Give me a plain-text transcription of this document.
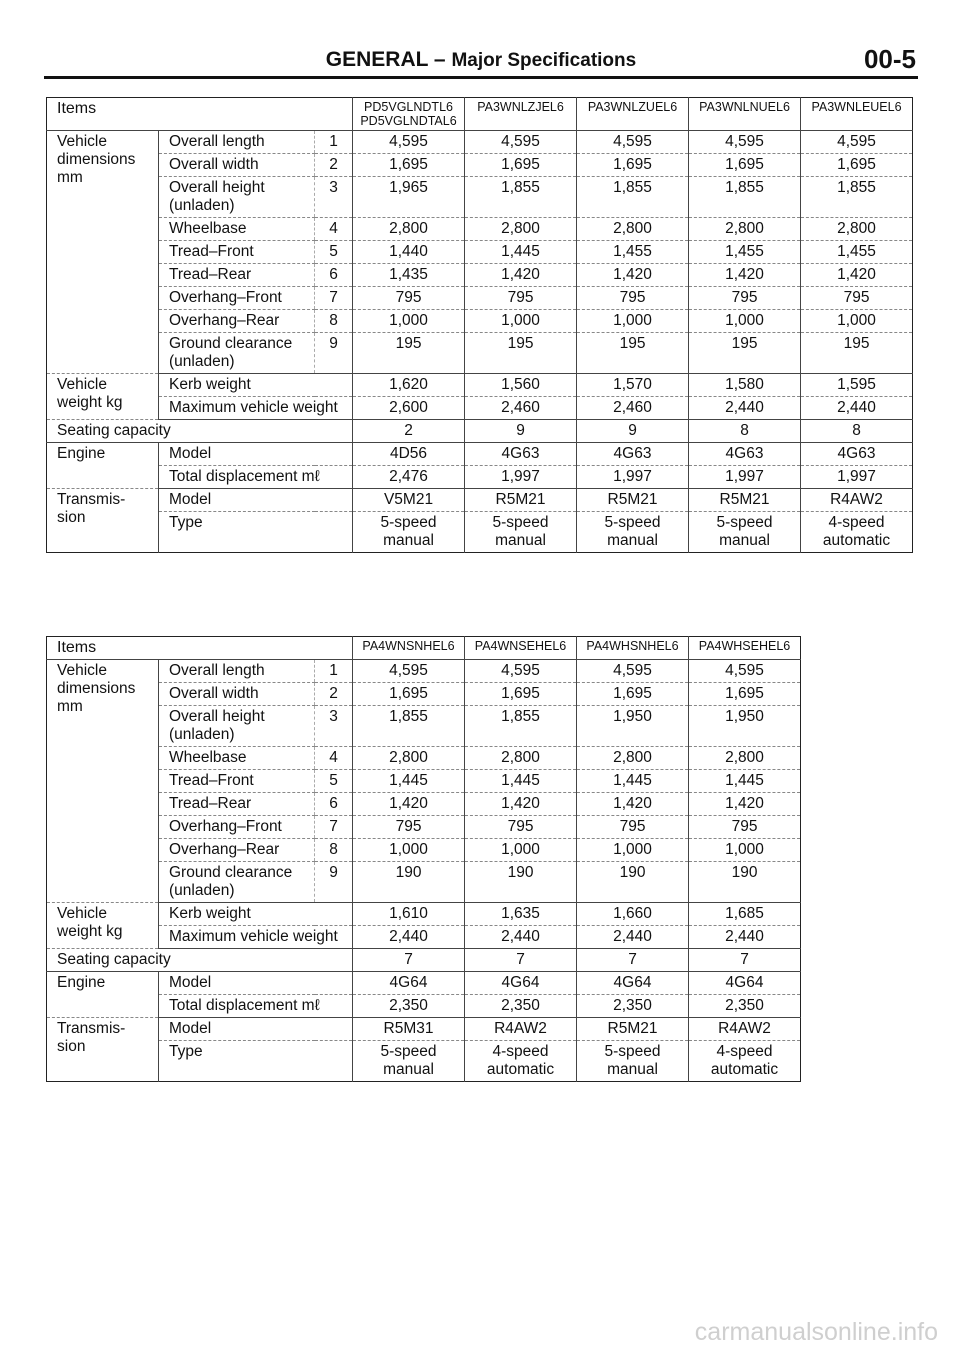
GENERAL – Major Specifications	00-5
Items			PD5VGLNDTL6 PD5VGLNDTAL6	PA3WNLZJEL6	PA3WNLZUEL6	PA3WNLNUEL6	PA3WNLEUEL6
Vehicle dimensions mm	Overall length	1	4,595	4,595	4,595	4,595	4,595
	Overall width	2	1,695	1,695	1,695	1,695	1,695
	Overall height (unladen)	3	1,965	1,855	1,855	1,855	1,855
	Wheelbase	4	2,800	2,800	2,800	2,800	2,800
	Tread–Front	5	1,440	1,445	1,455	1,455	1,455
	Tread–Rear	6	1,435	1,420	1,420	1,420	1,420
	Overhang–Front	7	795	795	795	795	795
	Overhang–Rear	8	1,000	1,000	1,000	1,000	1,000
	Ground clearance (unladen)	9	195	195	195	195	195
Vehicle weight kg	Kerb weight		1,620	1,560	1,570	1,580	1,595
	Maximum vehicle weight		2,600	2,460	2,460	2,440	2,440
Seating capacity			2	9	9	8	8
Engine	Model		4D56	4G63	4G63	4G63	4G63
	Total displacement mℓ		2,476	1,997	1,997	1,997	1,997
Transmis- sion	Model		V5M21	R5M21	R5M21	R5M21	R4AW2
	Type		5-speed manual	5-speed manual	5-speed manual	5-speed manual	4-speed automatic
Items			PA4WNSNHEL6	PA4WNSEHEL6	PA4WHSNHEL6	PA4WHSEHEL6
Vehicle dimensions mm	Overall length	1	4,595	4,595	4,595	4,595
	Overall width	2	1,695	1,695	1,695	1,695
	Overall height (unladen)	3	1,855	1,855	1,950	1,950
	Wheelbase	4	2,800	2,800	2,800	2,800
	Tread–Front	5	1,445	1,445	1,445	1,445
	Tread–Rear	6	1,420	1,420	1,420	1,420
	Overhang–Front	7	795	795	795	795
	Overhang–Rear	8	1,000	1,000	1,000	1,000
	Ground clearance (unladen)	9	190	190	190	190
Vehicle weight kg	Kerb weight		1,610	1,635	1,660	1,685
	Maximum vehicle weight		2,440	2,440	2,440	2,440
Seating capacity			7	7	7	7
Engine	Model		4G64	4G64	4G64	4G64
	Total displacement mℓ		2,350	2,350	2,350	2,350
Transmis- sion	Model		R5M31	R4AW2	R5M21	R4AW2
	Type		5-speed manual	4-speed automatic	5-speed manual	4-speed automatic
carmanualsonline.info
